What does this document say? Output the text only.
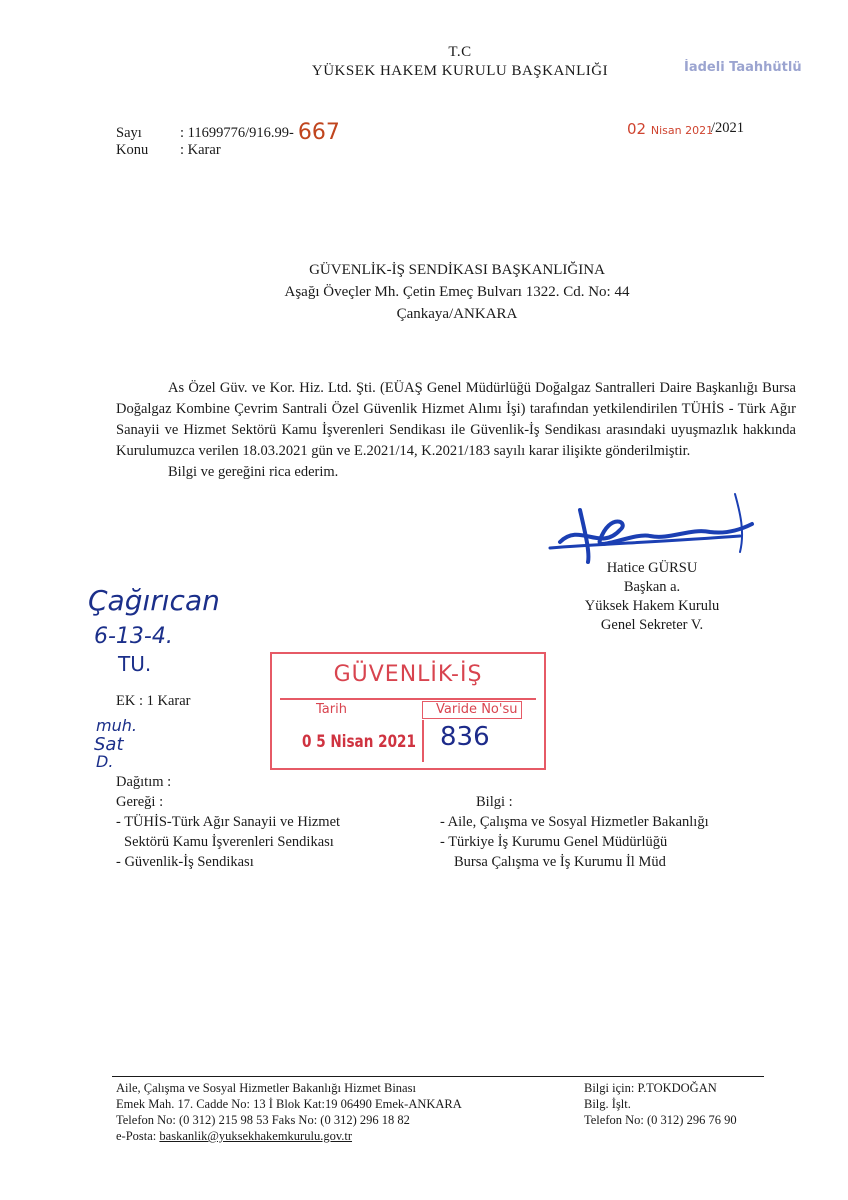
T.C
YÜKSEK HAKEM KURULU BAŞKANLIĞI	İadeli Taahhütlü
Sayı	: 11699776/916.99- 667	02 Nisan 2021
/2021
Konu : Karar
GÜVENLİK-İŞ SENDİKASI BAŞKANLIĞINA
Aşağı Öveçler Mh. Çetin Emeç Bulvarı 1322. Cd. No: 44
Çankaya/ANKARA

As Özel Güv. ve Kor. Hiz. Ltd. Şti. (EÜAŞ Genel Müdürlüğü Doğalgaz Santralleri Daire Başkanlığı Bursa Doğalgaz Kombine Çevrim Santrali Özel Güvenlik Hizmet Alımı İşi) tarafından yetkilendirilen TÜHİS - Türk Ağır Sanayii ve Hizmet Sektörü Kamu İşverenleri Sendikası ile Güvenlik-İş Sendikası arasındaki uyuşmazlık hakkında Kurulumuzca verilen 18.03.2021 gün ve E.2021/14, K.2021/183 sayılı karar ilişikte gönderilmiştir.

Bilgi ve gereğini rica ederim.

Hatice GÜRSU
Başkan a.
Yüksek Hakem Kurulu
Genel Sekreter V.
Çağırıcan
6-13-4.
TU.
muh.
Sat
D.
EK : 1 Karar
GÜVENLİK-İŞ
Tarih	Varide No'su
0 5 Nisan 2021 836
Dağıtım :
Gereği :
- TÜHİS-Türk Ağır Sanayii ve Hizmet
Sektörü Kamu İşverenleri Sendikası
- Güvenlik-İş Sendikası
Bilgi :
- Aile, Çalışma ve Sosyal Hizmetler Bakanlığı
- Türkiye İş Kurumu Genel Müdürlüğü
Bursa Çalışma ve İş Kurumu İl Müd
Aile, Çalışma ve Sosyal Hizmetler Bakanlığı Hizmet Binası
Emek Mah. 17. Cadde No: 13 İ Blok Kat:19 06490 Emek-ANKARA
Telefon No: (0 312) 215 98 53 Faks No: (0 312) 296 18 82
e-Posta: baskanlik@yuksekhakemkurulu.gov.tr
Bilgi için: P.TOKDOĞAN
Bilg. İşlt.
Telefon No: (0 312) 296 76 90
